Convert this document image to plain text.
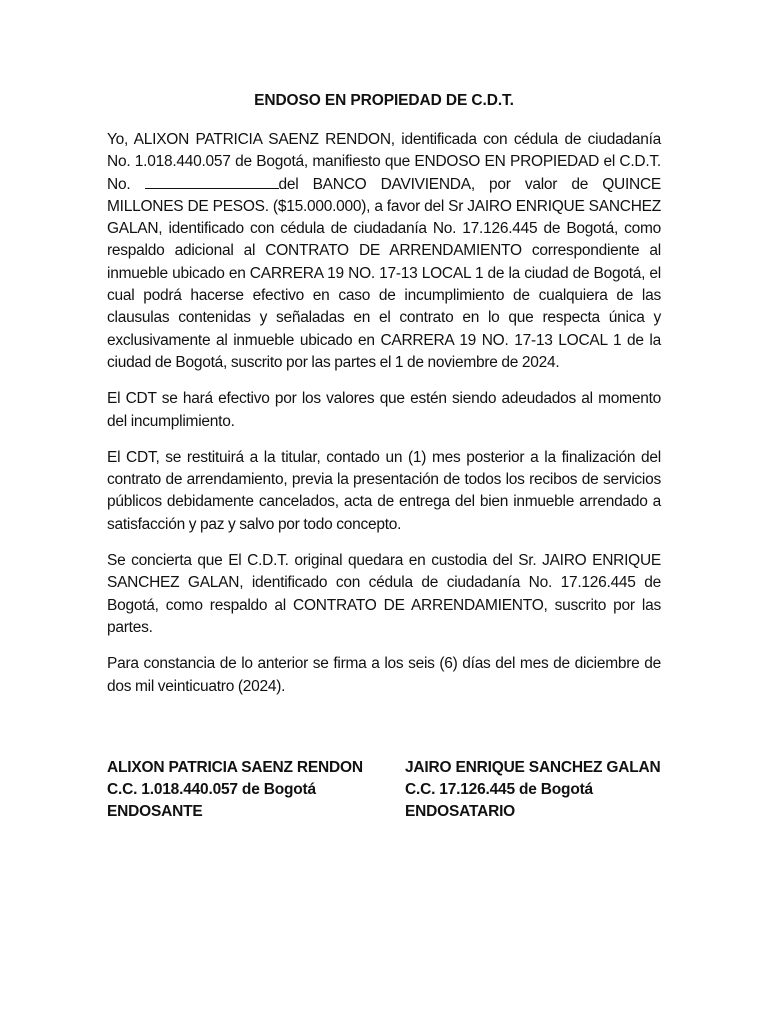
ENDOSO EN PROPIEDAD DE C.D.T.

Yo, ALIXON PATRICIA SAENZ RENDON, identificada con cédula de ciudadanía No. 1.018.440.057 de Bogotá, manifiesto que ENDOSO EN PROPIEDAD el C.D.T. No.	del BANCO DAVIVIENDA, por valor de QUINCE MILLONES DE PESOS. ($15.000.000), a favor del Sr JAIRO ENRIQUE SANCHEZ GALAN, identificado con cédula de ciudadanía No. 17.126.445 de Bogotá, como respaldo adicional al CONTRATO DE ARRENDAMIENTO correspondiente al inmueble ubicado en CARRERA 19 NO. 17-13 LOCAL 1 de la ciudad de Bogotá, el cual podrá hacerse efectivo en caso de incumplimiento de cualquiera de las clausulas contenidas y señaladas en el contrato en lo que respecta única y exclusivamente al inmueble ubicado en CARRERA 19 NO. 17-13 LOCAL 1 de la ciudad de Bogotá, suscrito por las partes el 1 de noviembre de 2024.

El CDT se hará efectivo por los valores que estén siendo adeudados al momento del incumplimiento.

El CDT, se restituirá a la titular, contado un (1) mes posterior a la finalización del contrato de arrendamiento, previa la presentación de todos los recibos de servicios públicos debidamente cancelados, acta de entrega del bien inmueble arrendado a satisfacción y paz y salvo por todo concepto.

Se concierta que El C.D.T. original quedara en custodia del Sr. JAIRO ENRIQUE SANCHEZ GALAN, identificado con cédula de ciudadanía No. 17.126.445 de Bogotá, como respaldo al CONTRATO DE ARRENDAMIENTO, suscrito por las partes.

Para constancia de lo anterior se firma a los seis (6) días del mes de diciembre de dos mil veinticuatro (2024).

ALIXON PATRICIA SAENZ RENDON
C.C. 1.018.440.057 de Bogotá
ENDOSANTE
JAIRO ENRIQUE SANCHEZ GALAN
C.C. 17.126.445 de Bogotá
ENDOSATARIO
